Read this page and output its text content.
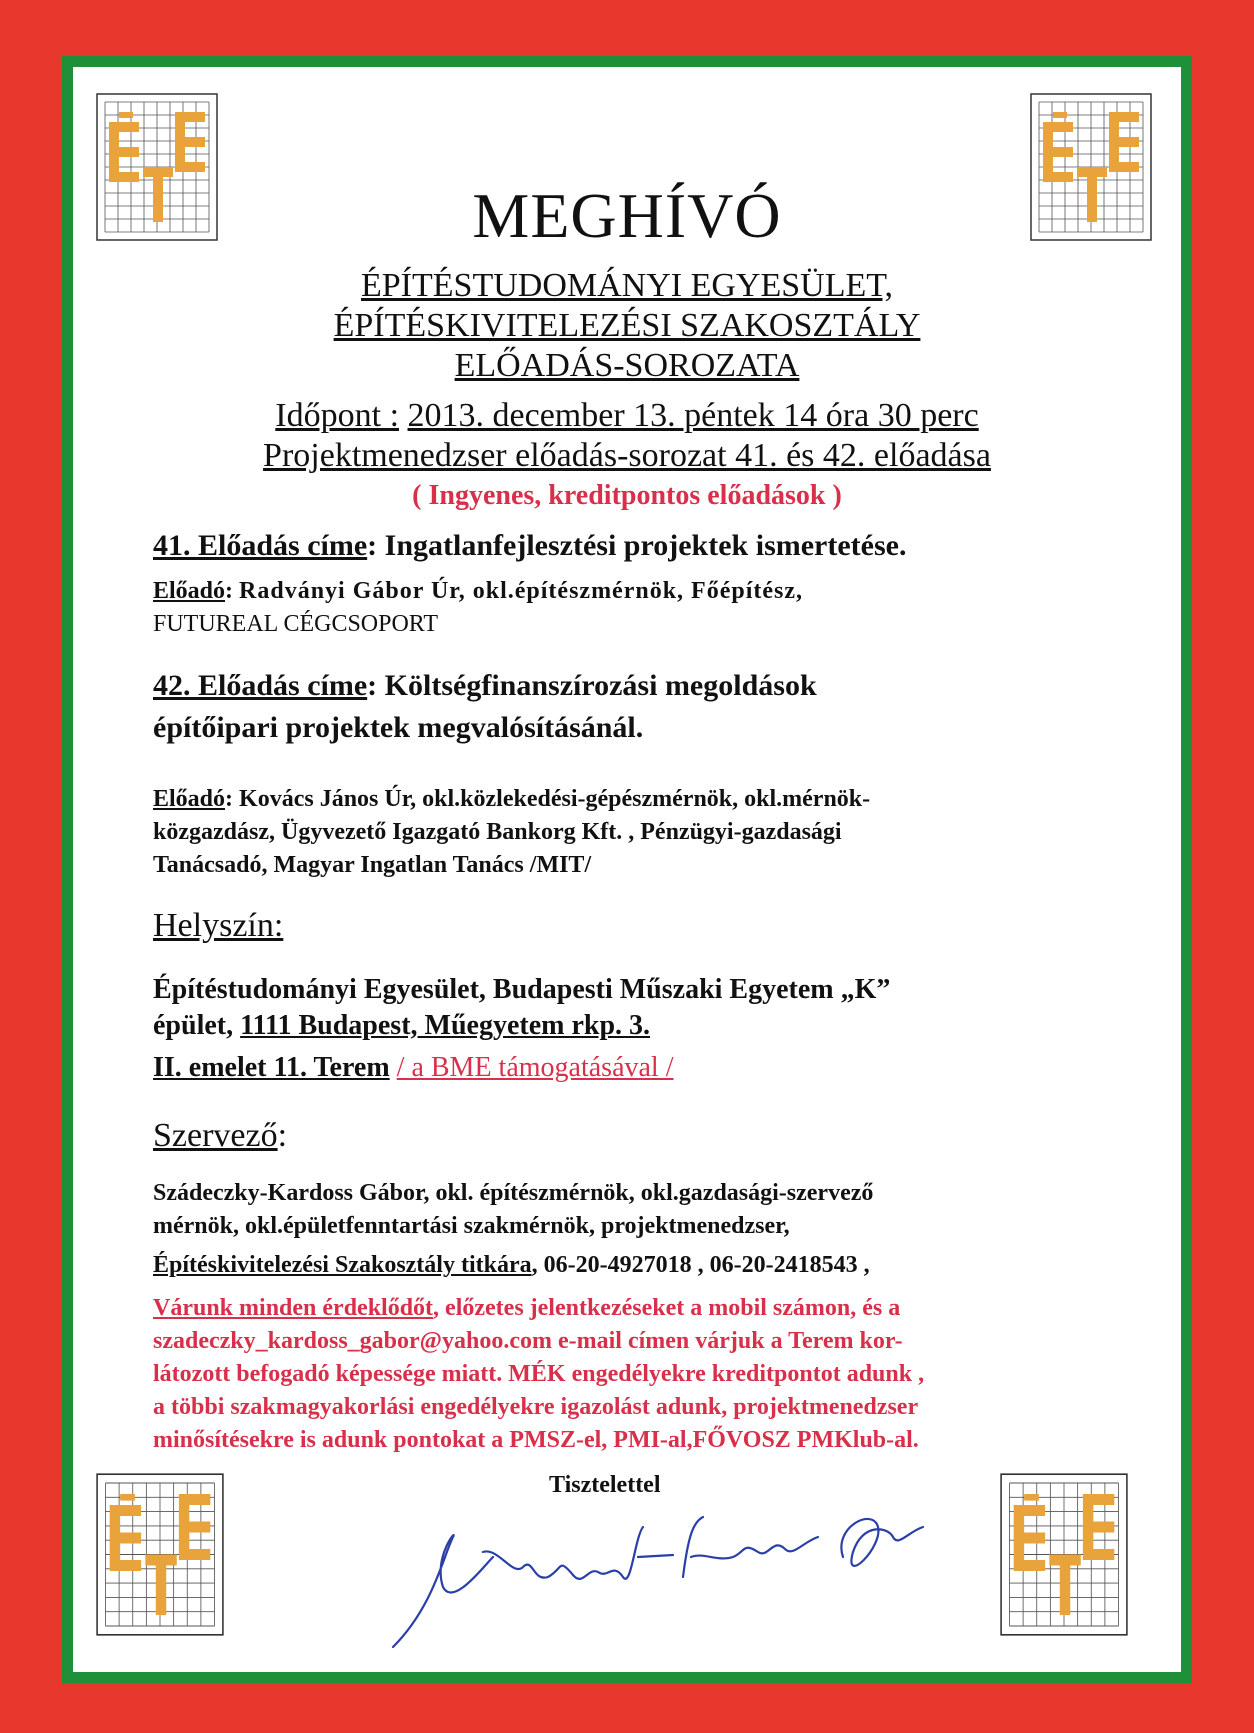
MEGHÍVÓ
ÉPÍTÉSTUDOMÁNYI EGYESÜLET,
ÉPÍTÉSKIVITELEZÉSI SZAKOSZTÁLY
ELŐADÁS-SOROZATA
Időpont : 2013. december 13. péntek 14 óra 30 perc
Projektmenedzser előadás-sorozat 41. és 42. előadása
( Ingyenes, kreditpontos előadások )
41. Előadás címe: Ingatlanfejlesztési projektek ismertetése.
Előadó: Radványi Gábor Úr, okl.építészmérnök, Főépítész,
FUTUREAL CÉGCSOPORT
42. Előadás címe: Költségfinanszírozási megoldások
építőipari projektek megvalósításánál.
Előadó: Kovács János Úr, okl.közlekedési-gépészmérnök, okl.mérnök-
közgazdász, Ügyvezető Igazgató Bankorg Kft. , Pénzügyi-gazdasági
Tanácsadó, Magyar Ingatlan Tanács /MIT/
Helyszín:
Építéstudományi Egyesület, Budapesti Műszaki Egyetem „K”
épület, 1111 Budapest, Műegyetem rkp. 3.
II. emelet 11. Terem / a BME támogatásával /
Szervező:
Szádeczky-Kardoss Gábor, okl. építészmérnök, okl.gazdasági-szervező
mérnök, okl.épületfenntartási szakmérnök, projektmenedzser,
Építéskivitelezési Szakosztály titkára, 06-20-4927018 , 06-20-2418543 ,
Várunk minden érdeklődőt, előzetes jelentkezéseket a mobil számon, és a
szadeczky_kardoss_gabor@yahoo.com e-mail címen várjuk a Terem kor-
látozott befogadó képessége miatt. MÉK engedélyekre kreditpontot adunk ,
a többi szakmagyakorlási engedélyekre igazolást adunk, projektmenedzser
minősítésekre is adunk pontokat a PMSZ-el, PMI-al,FŐVOSZ PMKlub-al.
Tisztelettel
